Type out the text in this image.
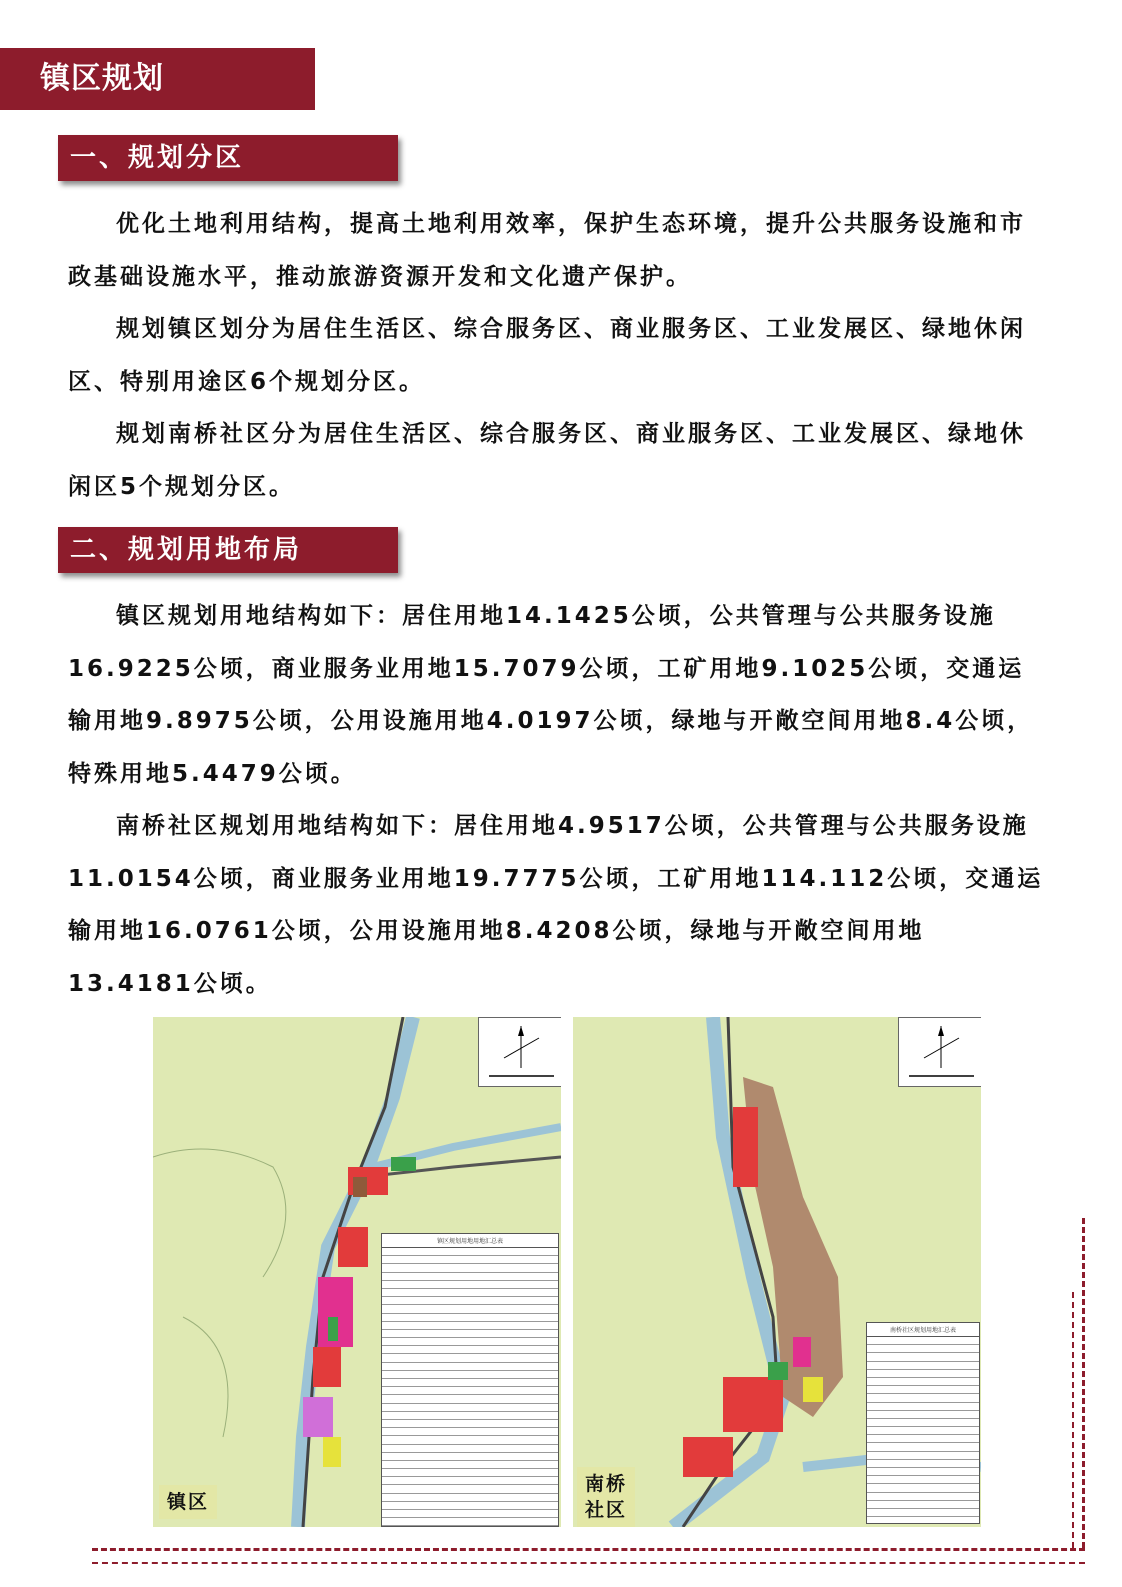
镇区规划
一、规划分区

优化土地利用结构，提高土地利用效率，保护生态环境，提升公共服务设施和市政基础设施水平，推动旅游资源开发和文化遗产保护。

规划镇区划分为居住生活区、综合服务区、商业服务区、工业发展区、绿地休闲区、特别用途区6个规划分区。

规划南桥社区分为居住生活区、综合服务区、商业服务区、工业发展区、绿地休闲区5个规划分区。

二、规划用地布局

镇区规划用地结构如下：居住用地14.1425公顷，公共管理与公共服务设施16.9225公顷，商业服务业用地15.7079公顷，工矿用地9.1025公顷，交通运输用地9.8975公顷，公用设施用地4.0197公顷，绿地与开敞空间用地8.4公顷，特殊用地5.4479公顷。

南桥社区规划用地结构如下：居住用地4.9517公顷，公共管理与公共服务设施11.0154公顷，商业服务业用地19.7775公顷，工矿用地114.112公顷，交通运输用地16.0761公顷，公用设施用地8.4208公顷，绿地与开敞空间用地13.4181公顷。

镇区规划用地用地汇总表
镇区
南桥社区规划用地汇总表
南桥
社区
